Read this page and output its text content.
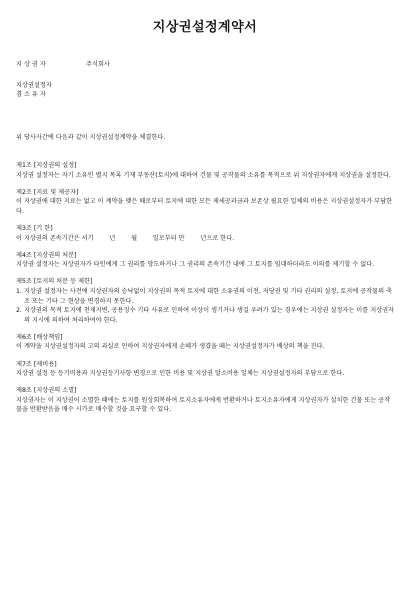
지상권설정계약서
지 상 권 자	주식회사
지상권설정자
겸 소 유 자
위 당사자간에 다음과 같이 지상권설정계약을 체결한다.
제1조 [지상권의 설정]
지상권 설정자는 자기 소유인 별지 목록 기재 부동산(토지)에 대하여 건물 및 공작물의 소유를 목적으로 위 지상권자에게 지상권을 설정한다.
제2조 [지료 및 제공자]
이 지상권에 대한 지료는 없고 이 계약을 맺은 때로부터 토지에 대한 모든 제세공과금과 보존상 필요한 일체의 비용은 지상권설정자가 부담한다.
제3조 [기 한]
이 지상권의 존속기간은 서기        년        월        일로부터 만        년으로 한다.
제4조 [지상권의 처분]
지상권 설정자는 지상권자가 타인에게 그 권리를 양도하거나 그 권리의 존속기간 내에 그 토지를 임대하더라도 이의를 제기할 수 없다.
제5조 [토지의 처분 등 제한]
1. 지상권 설정자는 사전에 지상권자의 승낙없이 지상권의 목적 토지에 대한 소유권의 이전, 저당권 및 기타 권리의 설정, 토지에 공작물의 축조 또는 기타 그 현상을 변경하지 못한다.
2. 지상권의 목적 토지에 천재지변, 공용징수 기타 사유로 인하여 이상이 생기거나 생길 우려가 있는 경우에는 지상권 설정자는 이를 지상권자의 지시에 의하여 처리하여야 한다.
제6조 [배상책임]
이 계약을 지상권설정자의 고의 과실로 인하여 지상권자에게 손해가 생겼을 때는 지상권설정자가 배상의 책을 진다.
제7조 [제비용]
지상권 설정 등 등기비용과 지상권등기사항 변경으로 인한 비용 및 지상권 말소비용 일체는 지상권설정자의 부담으로 한다.
제8조 [지상권의 소멸]
지상권자는 이 지상권이 소멸한 때에는 토지를 원상회복하여 토지소유자에게 반환하거나 토지소유자에게 지상권자가 설치한 건물 또는 공작물을 반환받음을 매수 시가로 매수할 것을 요구할 수 있다.
